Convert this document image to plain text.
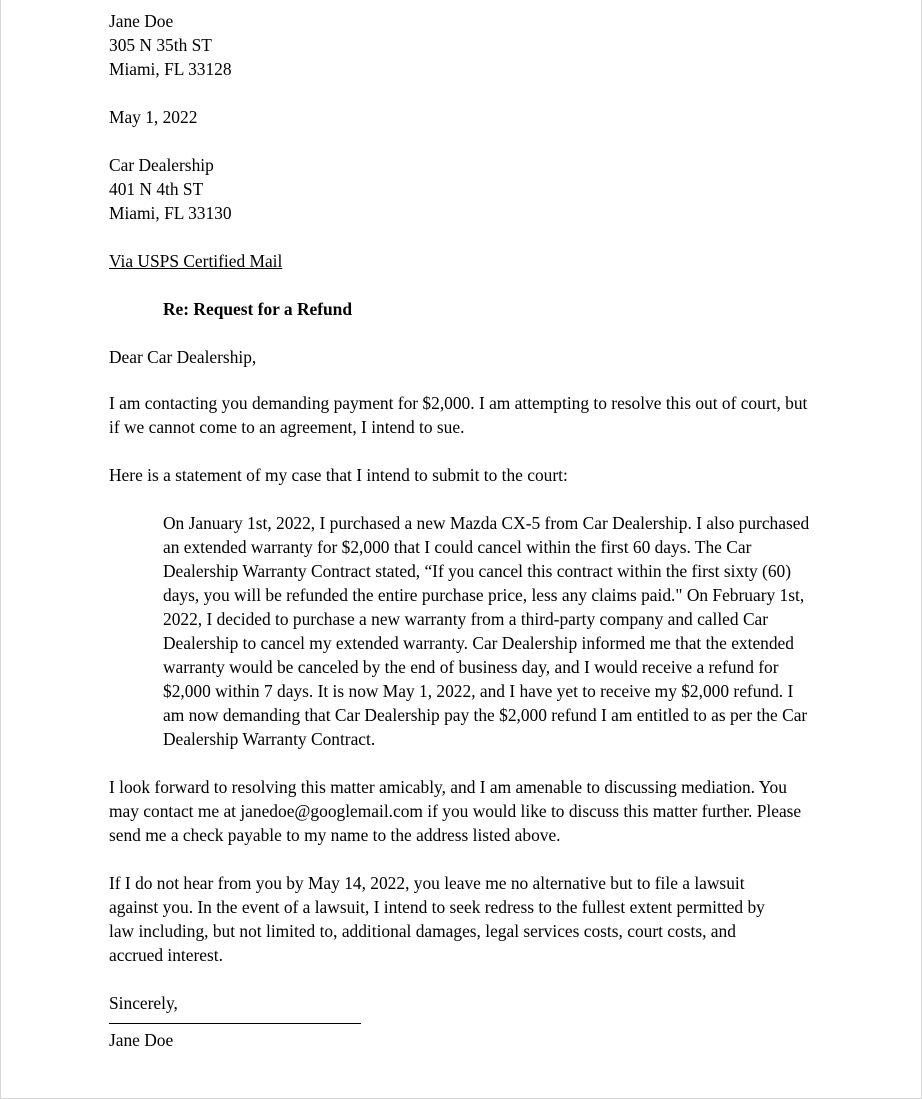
Jane Doe
305 N 35th ST
Miami, FL 33128
May 1, 2022
Car Dealership
401 N 4th ST
Miami, FL 33130
Via USPS Certified Mail
Re: Request for a Refund
Dear Car Dealership,
I am contacting you demanding payment for $2,000. I am attempting to resolve this out of court, but if we cannot come to an agreement, I intend to sue.
Here is a statement of my case that I intend to submit to the court:
On January 1st, 2022, I purchased a new Mazda CX-5 from Car Dealership. I also purchased an extended warranty for $2,000 that I could cancel within the first 60 days. The Car Dealership Warranty Contract stated, “If you cancel this contract within the first sixty (60) days, you will be refunded the entire purchase price, less any claims paid." On February 1st, 2022, I decided to purchase a new warranty from a third-party company and called Car Dealership to cancel my extended warranty. Car Dealership informed me that the extended warranty would be canceled by the end of business day, and I would receive a refund for $2,000 within 7 days. It is now May 1, 2022, and I have yet to receive my $2,000 refund. I am now demanding that Car Dealership pay the $2,000 refund I am entitled to as per the Car Dealership Warranty Contract.
I look forward to resolving this matter amicably, and I am amenable to discussing mediation. You may contact me at janedoe@googlemail.com if you would like to discuss this matter further. Please send me a check payable to my name to the address listed above.
If I do not hear from you by May 14, 2022, you leave me no alternative but to file a lawsuit against you. In the event of a lawsuit, I intend to seek redress to the fullest extent permitted by law including, but not limited to, additional damages, legal services costs, court costs, and accrued interest.
Sincerely,
Jane Doe
